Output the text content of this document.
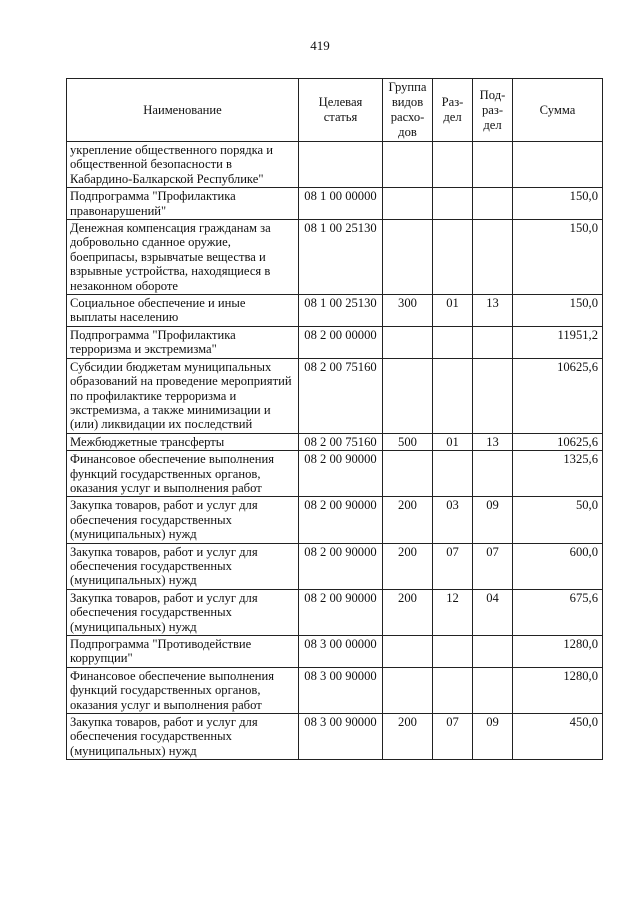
419
Наименование	Целевая статья	Группа видов расхо-дов	Раз-дел	Под-раз-дел	Сумма
укрепление общественного порядка и общественной безопасности в Кабардино-Балкарской Республике"					
Подпрограмма "Профилактика правонарушений"	08 1 00 00000				150,0
Денежная компенсация гражданам за добровольно сданное оружие, боеприпасы, взрывчатые вещества и взрывные устройства, находящиеся в незаконном обороте	08 1 00 25130				150,0
Социальное обеспечение и иные выплаты населению	08 1 00 25130	300	01	13	150,0
Подпрограмма "Профилактика терроризма и экстремизма"	08 2 00 00000				11951,2
Субсидии бюджетам муниципальных образований на проведение мероприятий по профилактике терроризма и экстремизма, а также минимизации и (или) ликвидации их последствий	08 2 00 75160				10625,6
Межбюджетные трансферты	08 2 00 75160	500	01	13	10625,6
Финансовое обеспечение выполнения функций государственных органов, оказания услуг и выполнения работ	08 2 00 90000				1325,6
Закупка товаров, работ и услуг для обеспечения государственных (муниципальных) нужд	08 2 00 90000	200	03	09	50,0
Закупка товаров, работ и услуг для обеспечения государственных (муниципальных) нужд	08 2 00 90000	200	07	07	600,0
Закупка товаров, работ и услуг для обеспечения государственных (муниципальных) нужд	08 2 00 90000	200	12	04	675,6
Подпрограмма "Противодействие коррупции"	08 3 00 00000				1280,0
Финансовое обеспечение выполнения функций государственных органов, оказания услуг и выполнения работ	08 3 00 90000				1280,0
Закупка товаров, работ и услуг для обеспечения государственных (муниципальных) нужд	08 3 00 90000	200	07	09	450,0
